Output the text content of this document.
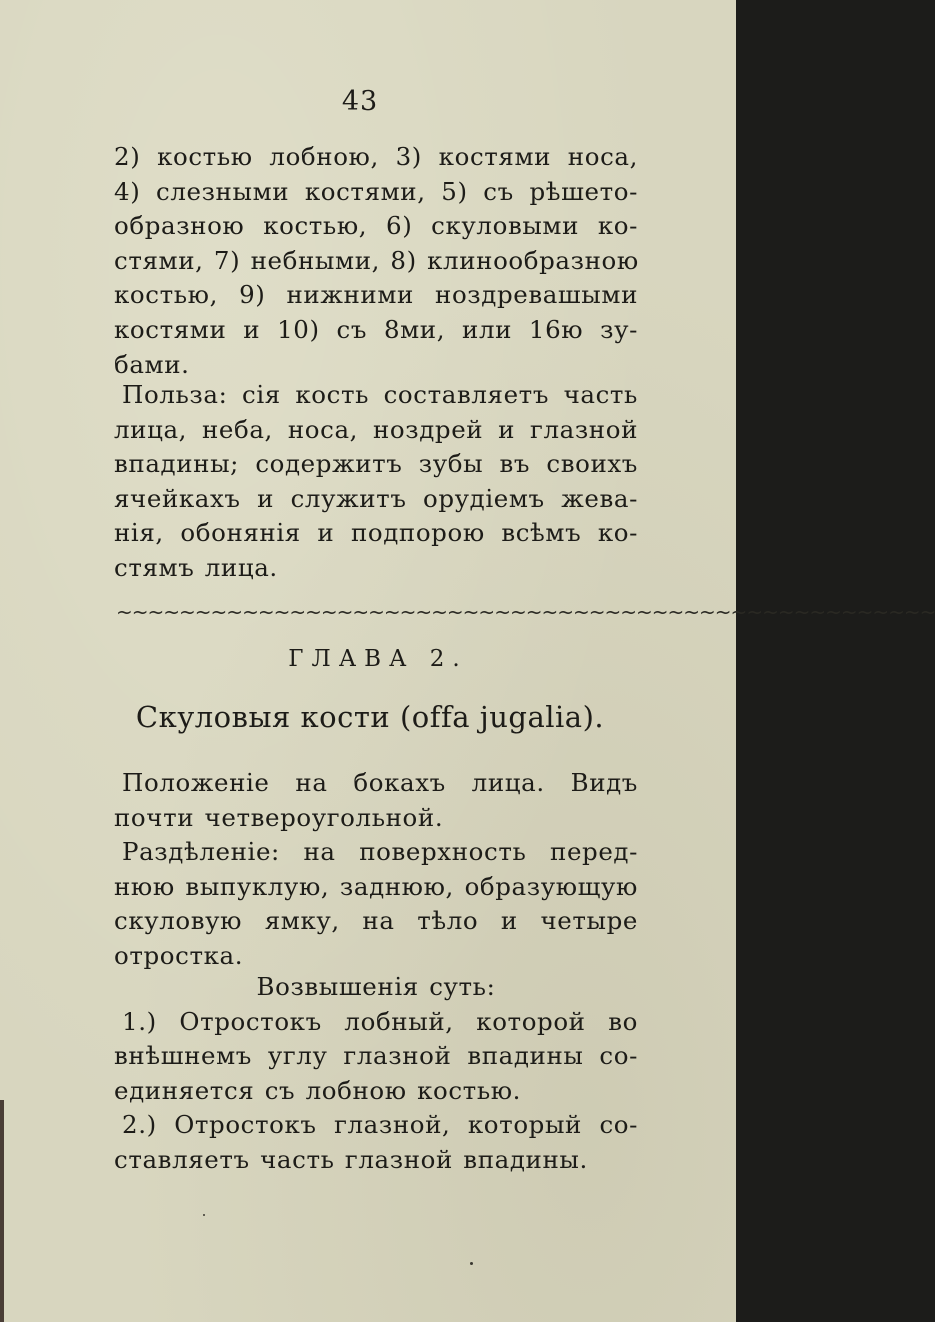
43
2) костью лобною, 3) костями носа,
4) слезными костями, 5) съ рѣшето-
образною костью, 6) скуловыми ко-
стями, 7) небными, 8) клинообразною
костью, 9) нижними ноздревашыми
костями и 10) съ 8ми, или 16ю зу-
бами.
Польза: сія кость составляетъ часть
лица, неба, носа, ноздрей и глазной
впадины; содержитъ зубы въ своихъ
ячейкахъ и служитъ орудіемъ жева-
нія, обонянія и подпорою всѣмъ ко-
стямъ лица.
~~~~~~~~~~~~~~~~~~~~~~~~~~~~~~~~~~~~~~~~~~~~~~~~~~~~
ГЛАВА 2.
Скуловыя кости (offa jugalia).
Положеніе на бокахъ лица. Видъ
почти четвероугольной.
Раздѣленіе: на поверхность перед-
нюю выпуклую, заднюю, образующую
скуловую ямку, на тѣло и четыре
отростка.
Возвышенія суть:
1.) Отростокъ лобный, которой во
внѣшнемъ углу глазной впадины со-
единяется съ лобною костью.
2.) Отростокъ глазной, который со-
ставляетъ часть глазной впадины.
